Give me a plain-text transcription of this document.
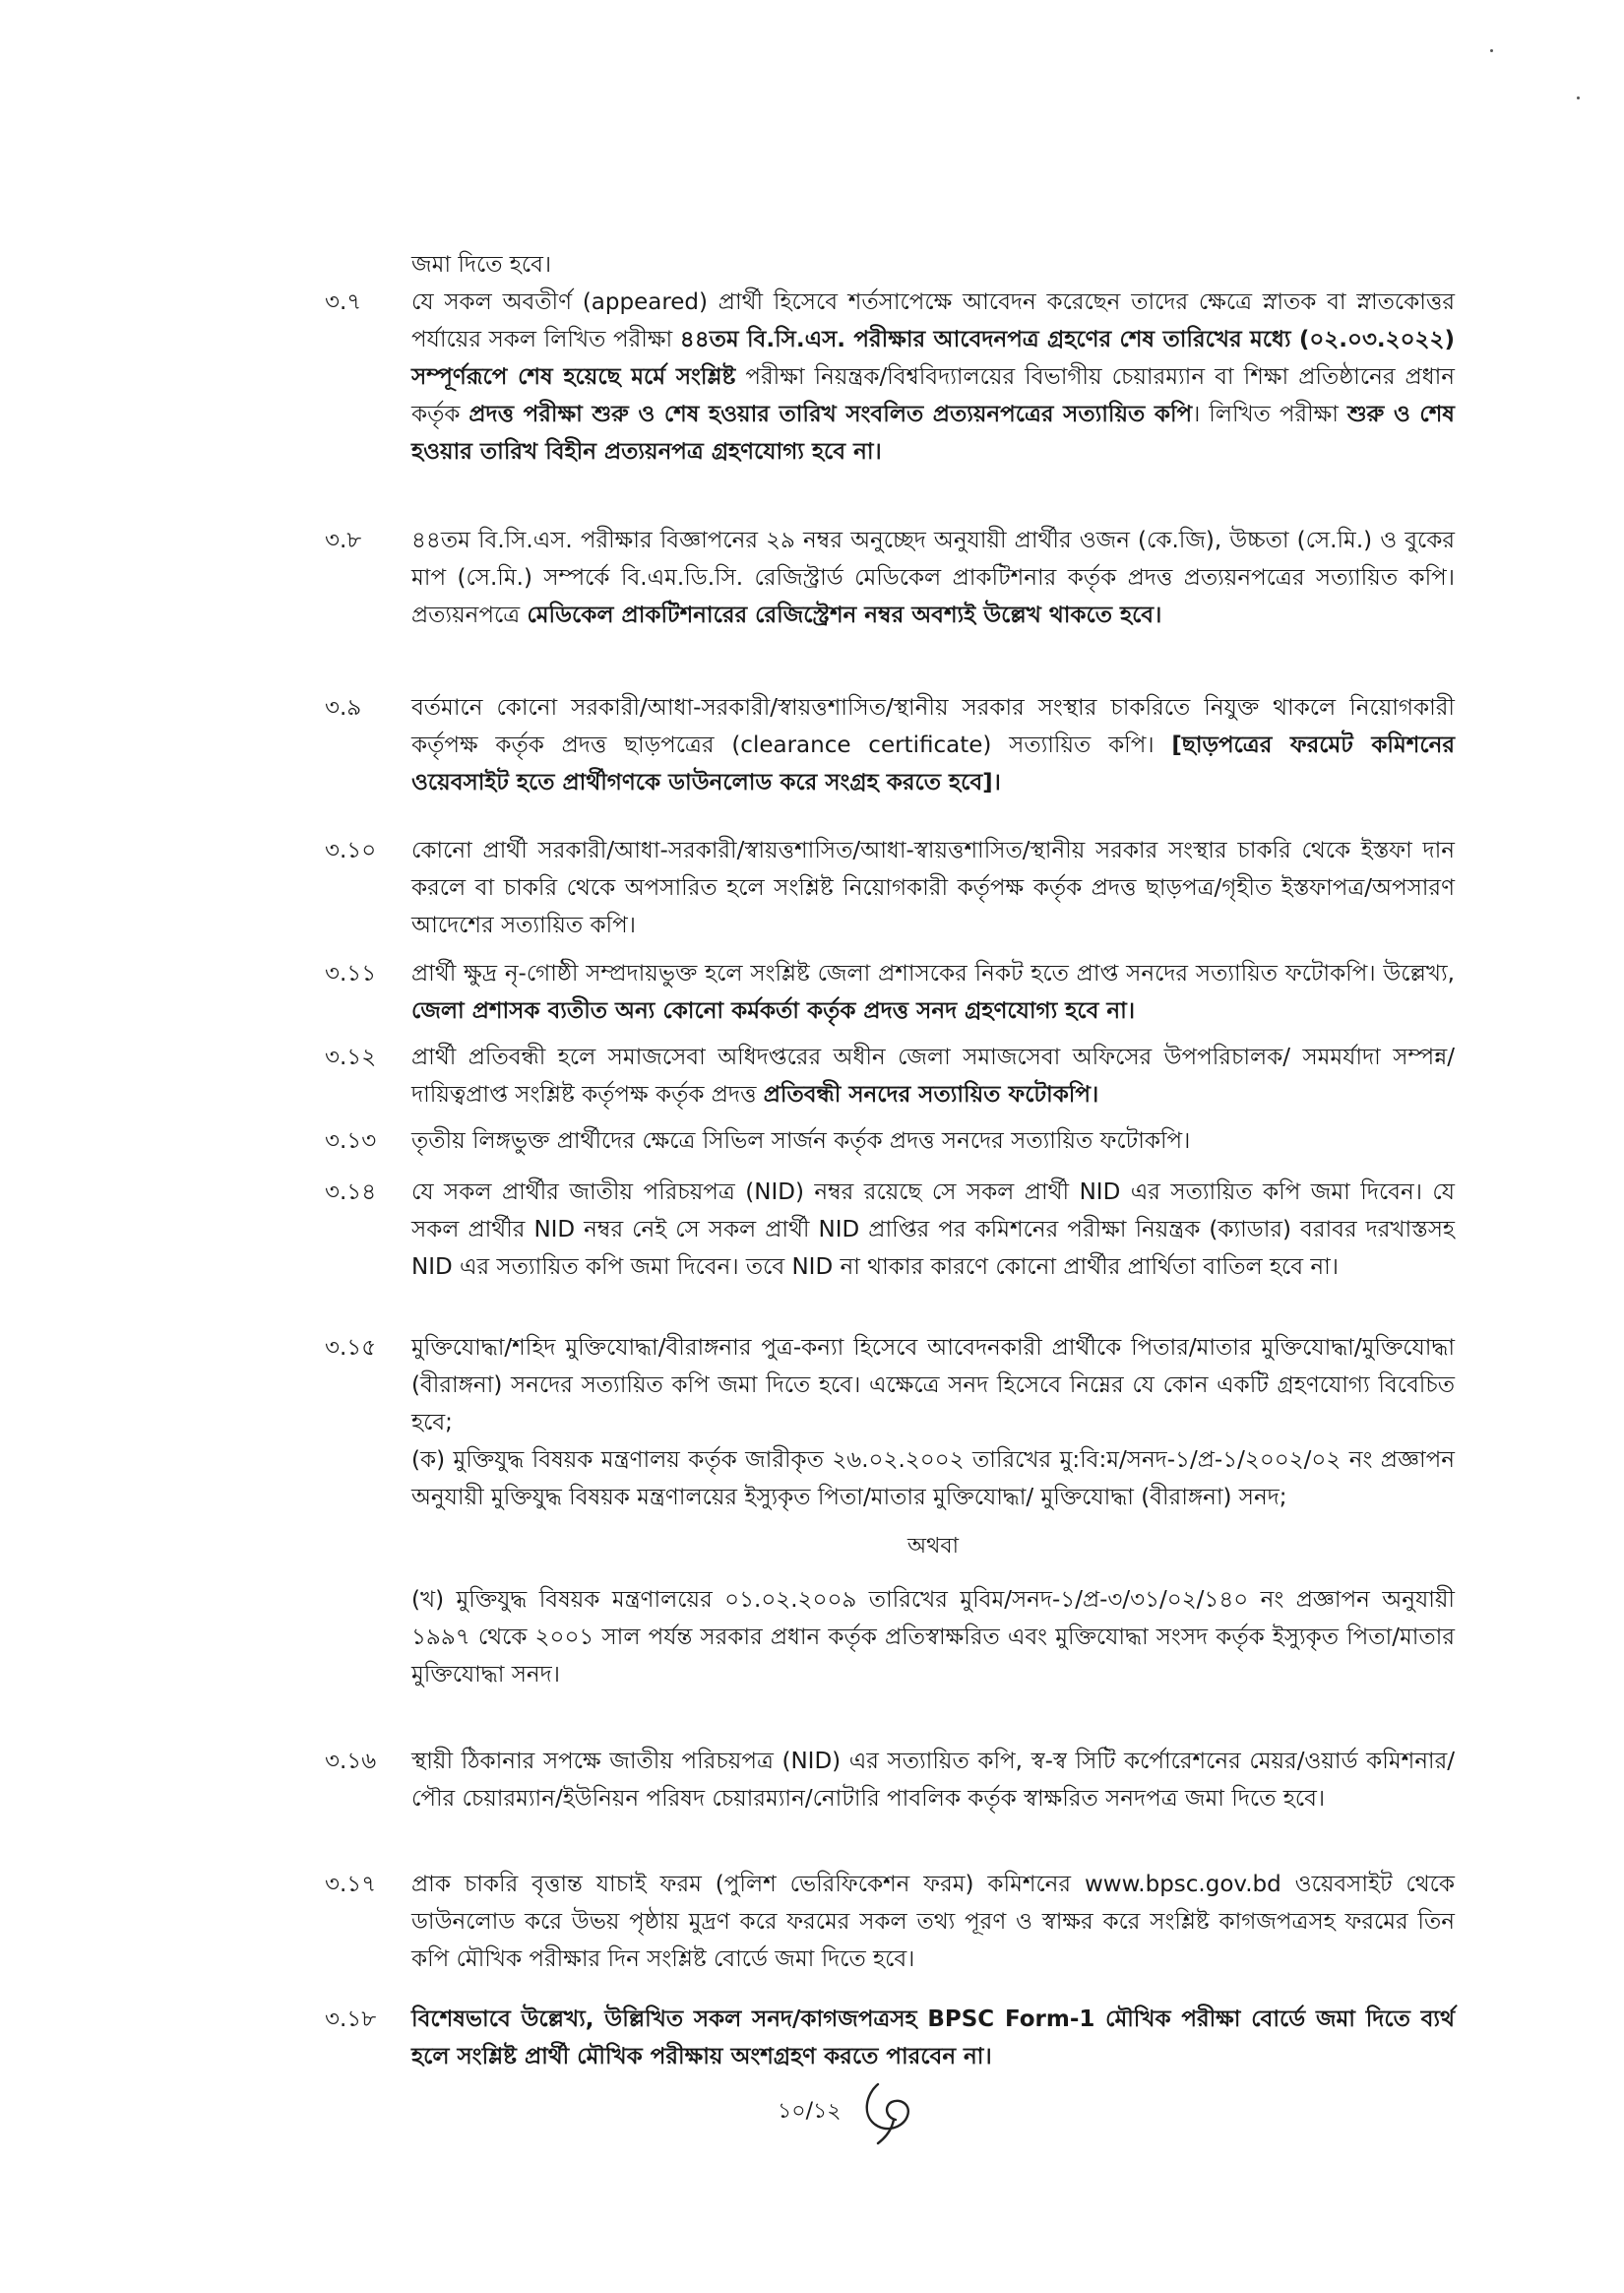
জমা দিতে হবে।

৩.৭	যে সকল অবতীর্ণ (appeared) প্রার্থী হিসেবে শর্তসাপেক্ষে আবেদন করেছেন তাদের ক্ষেত্রে স্নাতক বা স্নাতকোত্তর পর্যায়ের সকল লিখিত পরীক্ষা ৪৪তম বি.সি.এস. পরীক্ষার আবেদনপত্র গ্রহণের শেষ তারিখের মধ্যে (০২.০৩.২০২২) সম্পূর্ণরূপে শেষ হয়েছে মর্মে সংশ্লিষ্ট পরীক্ষা নিয়ন্ত্রক/বিশ্ববিদ্যালয়ের বিভাগীয় চেয়ারম্যান বা শিক্ষা প্রতিষ্ঠানের প্রধান কর্তৃক প্রদত্ত পরীক্ষা শুরু ও শেষ হওয়ার তারিখ সংবলিত প্রত্যয়নপত্রের সত্যায়িত কপি। লিখিত পরীক্ষা শুরু ও শেষ হওয়ার তারিখ বিহীন প্রত্যয়নপত্র গ্রহণযোগ্য হবে না।
৩.৮	৪৪তম বি.সি.এস. পরীক্ষার বিজ্ঞাপনের ২৯ নম্বর অনুচ্ছেদ অনুযায়ী প্রার্থীর ওজন (কে.জি), উচ্চতা (সে.মি.) ও বুকের মাপ (সে.মি.) সম্পর্কে বি.এম.ডি.সি. রেজিস্ট্রার্ড মেডিকেল প্রাকটিশনার কর্তৃক প্রদত্ত প্রত্যয়নপত্রের সত্যায়িত কপি। প্রত্যয়নপত্রে মেডিকেল প্রাকটিশনারের রেজিস্ট্রেশন নম্বর অবশ্যই উল্লেখ থাকতে হবে।
৩.৯	বর্তমানে কোনো সরকারী/আধা-সরকারী/স্বায়ত্তশাসিত/স্থানীয় সরকার সংস্থার চাকরিতে নিযুক্ত থাকলে নিয়োগকারী কর্তৃপক্ষ কর্তৃক প্রদত্ত ছাড়পত্রের (clearance certificate) সত্যায়িত কপি। [ছাড়পত্রের ফরমেট কমিশনের ওয়েবসাইট হতে প্রার্থীগণকে ডাউনলোড করে সংগ্রহ করতে হবে]।
৩.১০	কোনো প্রার্থী সরকারী/আধা-সরকারী/স্বায়ত্তশাসিত/আধা-স্বায়ত্তশাসিত/স্থানীয় সরকার সংস্থার চাকরি থেকে ইস্তফা দান করলে বা চাকরি থেকে অপসারিত হলে সংশ্লিষ্ট নিয়োগকারী কর্তৃপক্ষ কর্তৃক প্রদত্ত ছাড়পত্র/গৃহীত ইস্তফাপত্র/অপসারণ আদেশের সত্যায়িত কপি।
৩.১১	প্রার্থী ক্ষুদ্র নৃ-গোষ্ঠী সম্প্রদায়ভুক্ত হলে সংশ্লিষ্ট জেলা প্রশাসকের নিকট হতে প্রাপ্ত সনদের সত্যায়িত ফটোকপি। উল্লেখ্য, জেলা প্রশাসক ব্যতীত অন্য কোনো কর্মকর্তা কর্তৃক প্রদত্ত সনদ গ্রহণযোগ্য হবে না।
৩.১২	প্রার্থী প্রতিবন্ধী হলে সমাজসেবা অধিদপ্তরের অধীন জেলা সমাজসেবা অফিসের উপপরিচালক/ সমমর্যাদা সম্পন্ন/দায়িত্বপ্রাপ্ত সংশ্লিষ্ট কর্তৃপক্ষ কর্তৃক প্রদত্ত প্রতিবন্ধী সনদের সত্যায়িত ফটোকপি।
৩.১৩	তৃতীয় লিঙ্গভুক্ত প্রার্থীদের ক্ষেত্রে সিভিল সার্জন কর্তৃক প্রদত্ত সনদের সত্যায়িত ফটোকপি।
৩.১৪	যে সকল প্রার্থীর জাতীয় পরিচয়পত্র (NID) নম্বর রয়েছে সে সকল প্রার্থী NID এর সত্যায়িত কপি জমা দিবেন। যে সকল প্রার্থীর NID নম্বর নেই সে সকল প্রার্থী NID প্রাপ্তির পর কমিশনের পরীক্ষা নিয়ন্ত্রক (ক্যাডার) বরাবর দরখাস্তসহ NID এর সত্যায়িত কপি জমা দিবেন। তবে NID না থাকার কারণে কোনো প্রার্থীর প্রার্থিতা বাতিল হবে না।
৩.১৫	মুক্তিযোদ্ধা/শহিদ মুক্তিযোদ্ধা/বীরাঙ্গনার পুত্র-কন্যা হিসেবে আবেদনকারী প্রার্থীকে পিতার/মাতার মুক্তিযোদ্ধা/মুক্তিযোদ্ধা (বীরাঙ্গনা) সনদের সত্যায়িত কপি জমা দিতে হবে। এক্ষেত্রে সনদ হিসেবে নিম্নের যে কোন একটি গ্রহণযোগ্য বিবেচিত হবে;

(ক) মুক্তিযুদ্ধ বিষয়ক মন্ত্রণালয় কর্তৃক জারীকৃত ২৬.০২.২০০২ তারিখের মু:বি:ম/সনদ-১/প্র-১/২০০২/০২ নং প্রজ্ঞাপন অনুযায়ী মুক্তিযুদ্ধ বিষয়ক মন্ত্রণালয়ের ইস্যুকৃত পিতা/মাতার মুক্তিযোদ্ধা/ মুক্তিযোদ্ধা (বীরাঙ্গনা) সনদ;

অথবা

(খ) মুক্তিযুদ্ধ বিষয়ক মন্ত্রণালয়ের ০১.০২.২০০৯ তারিখের মুবিম/সনদ-১/প্র-৩/৩১/০২/১৪০ নং প্রজ্ঞাপন অনুযায়ী ১৯৯৭ থেকে ২০০১ সাল পর্যন্ত সরকার প্রধান কর্তৃক প্রতিস্বাক্ষরিত এবং মুক্তিযোদ্ধা সংসদ কর্তৃক ইস্যুকৃত পিতা/মাতার মুক্তিযোদ্ধা সনদ।

৩.১৬	স্থায়ী ঠিকানার সপক্ষে জাতীয় পরিচয়পত্র (NID) এর সত্যায়িত কপি, স্ব-স্ব সিটি কর্পোরেশনের মেয়র/ওয়ার্ড কমিশনার/পৌর চেয়ারম্যান/ইউনিয়ন পরিষদ চেয়ারম্যান/নোটারি পাবলিক কর্তৃক স্বাক্ষরিত সনদপত্র জমা দিতে হবে।
৩.১৭	প্রাক চাকরি বৃত্তান্ত যাচাই ফরম (পুলিশ ভেরিফিকেশন ফরম) কমিশনের www.bpsc.gov.bd ওয়েবসাইট থেকে ডাউনলোড করে উভয় পৃষ্ঠায় মুদ্রণ করে ফরমের সকল তথ্য পূরণ ও স্বাক্ষর করে সংশ্লিষ্ট কাগজপত্রসহ ফরমের তিন কপি মৌখিক পরীক্ষার দিন সংশ্লিষ্ট বোর্ডে জমা দিতে হবে।
৩.১৮	বিশেষভাবে উল্লেখ্য, উল্লিখিত সকল সনদ/কাগজপত্রসহ BPSC Form-1 মৌখিক পরীক্ষা বোর্ডে জমা দিতে ব্যর্থ হলে সংশ্লিষ্ট প্রার্থী মৌখিক পরীক্ষায় অংশগ্রহণ করতে পারবেন না।
১০/১২
